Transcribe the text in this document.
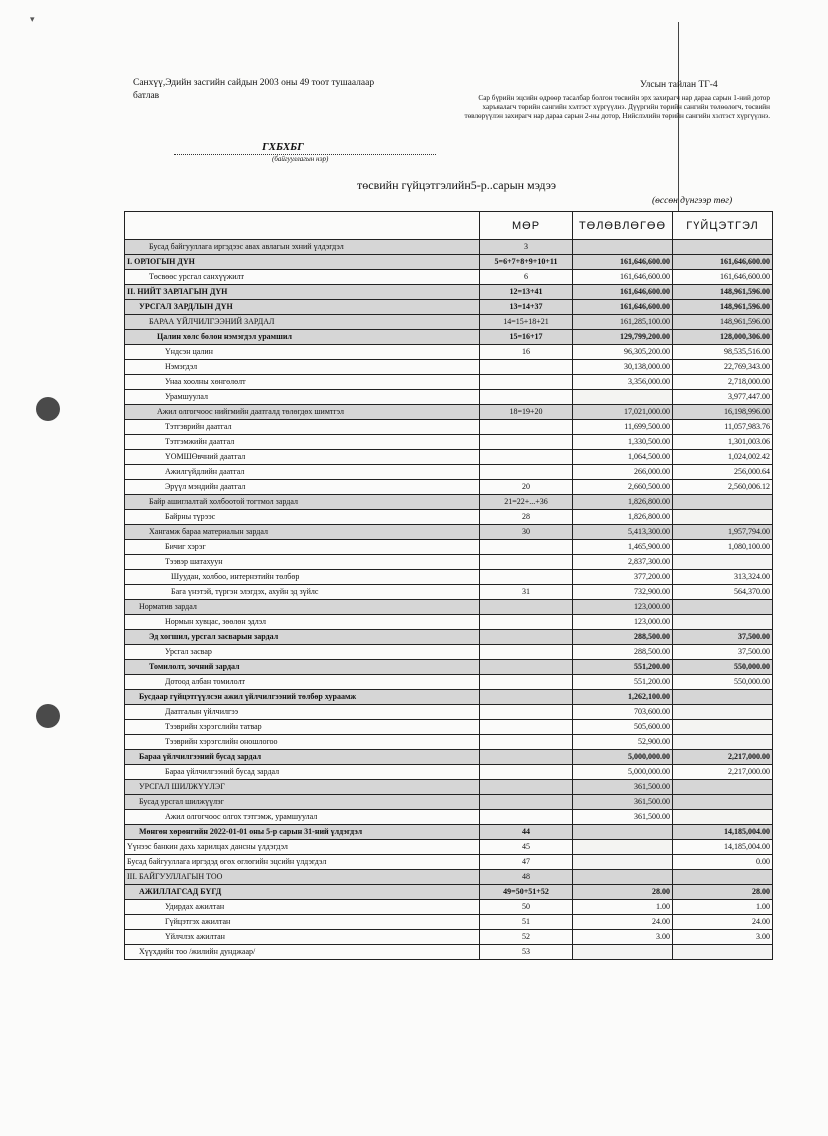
▾
Санхүү,Эдийн засгийн сайдын 2003 оны 49 тоот тушаалаар
батлав
Улсын тайлан ТГ-4
Сар бүрийн эцсийн өдрөөр тасалбар болгон төсвийн эрх захирагч нар дараа сарын 1-ний дотор харъяалагч төрийн сангийн хэлтэст хүргүүлнэ. Дүүргийн төрийн сангийн төлөөлөгч, төсвийн төвлөрүүлэн захирагч нар дараа сарын 2-ны дотор, Нийслэлийн төрийн сангийн хэлтэст хүргүүлнэ.
ГХБХБГ
(байгууллагын нэр)
төсвийн гүйцэтгэлийн5-р..сарын мэдээ
(өссөн дүнгээр төг)
	МӨР	ТӨЛӨВЛӨГӨӨ	ГҮЙЦЭТГЭЛ
Бусад байгууллага иргэдээс авах авлагын эхний үлдэгдэл	3		
I. ОРЛОГЫН ДҮН	5=6+7+8+9+10+11	161,646,600.00	161,646,600.00
Төсвөөс урсгал санхүүжилт	6	161,646,600.00	161,646,600.00
II. НИЙТ ЗАРЛАГЫН ДҮН	12=13+41	161,646,600.00	148,961,596.00
УРСГАЛ ЗАРДЛЫН ДҮН	13=14+37	161,646,600.00	148,961,596.00
БАРАА ҮЙЛЧИЛГЭЭНИЙ ЗАРДАЛ	14=15+18+21	161,285,100.00	148,961,596.00
Цалин хөлс болон нэмэгдэл урамшил	15=16+17	129,799,200.00	128,000,306.00
Үндсэн цалин	16	96,305,200.00	98,535,516.00
Нэмэгдэл		30,138,000.00	22,769,343.00
Унаа хоолны хөнгөлөлт		3,356,000.00	2,718,000.00
Урамшуулал			3,977,447.00
Ажил олгогчоос нийгмийн даатгалд төлөгдөх шимтгэл	18=19+20	17,021,000.00	16,198,996.00
Тэтгэврийн даатгал		11,699,500.00	11,057,983.76
Тэтгэмжийн даатгал		1,330,500.00	1,301,003.06
ҮОМШӨвчний даатгал		1,064,500.00	1,024,002.42
Ажилгүйдлийн даатгал		266,000.00	256,000.64
Эрүүл мэндийн даатгал	20	2,660,500.00	2,560,006.12
Байр ашиглалтай холбоотой тогтмол зардал	21=22+...+36	1,826,800.00	
Байрны түрээс	28	1,826,800.00	
Хангамж бараа материалын зардал	30	5,413,300.00	1,957,794.00
Бичиг хэрэг		1,465,900.00	1,080,100.00
Тээвэр шатахуун		2,837,300.00	
Шуудан, холбоо, интернэтийн төлбөр		377,200.00	313,324.00
Бага үнэтэй, түргэн элэгдэх, ахуйн эд зүйлс	31	732,900.00	564,370.00
Норматив зардал		123,000.00	
Нормын хувцас, зөөлөн эдлэл		123,000.00	
Эд хогшил, урсгал засварын зардал		288,500.00	37,500.00
Урсгал засвар		288,500.00	37,500.00
Томилолт, зочний зардал		551,200.00	550,000.00
Дотоод албан томилолт		551,200.00	550,000.00
Бусдаар гүйцэтгүүлсэн ажил үйлчилгээний төлбөр хураамж		1,262,100.00	
Даатгалын үйлчилгээ		703,600.00	
Тээврийн хэрэгслийн татвар		505,600.00	
Тээврийн хэрэгслийн оношлогоо		52,900.00	
Бараа үйлчилгээний бусад зардал		5,000,000.00	2,217,000.00
Бараа үйлчилгээний бусад зардал		5,000,000.00	2,217,000.00
УРСГАЛ ШИЛЖҮҮЛЭГ		361,500.00	
Бусад урсгал шилжүүлэг		361,500.00	
Ажил олгогчоос олгох тэтгэмж, урамшуулал		361,500.00	
Мөнгөн хөрөнгийн 2022-01-01 оны 5-р сарын 31-ний үлдэгдэл	44		14,185,004.00
Үүнээс банкин дахь харилцах дансны үлдэгдэл	45		14,185,004.00
Бусад байгууллага иргэдэд өгөх өглөгийн эцсийн үлдэгдэл	47		0.00
III. БАЙГУУЛЛАГЫН ТОО	48		
АЖИЛЛАГСАД БҮГД	49=50+51+52	28.00	28.00
Удирдах ажилтан	50	1.00	1.00
Гүйцэтгэх ажилтан	51	24.00	24.00
Үйлчлэх ажилтан	52	3.00	3.00
Хүүхдийн тоо /жилийн дунджаар/	53		
